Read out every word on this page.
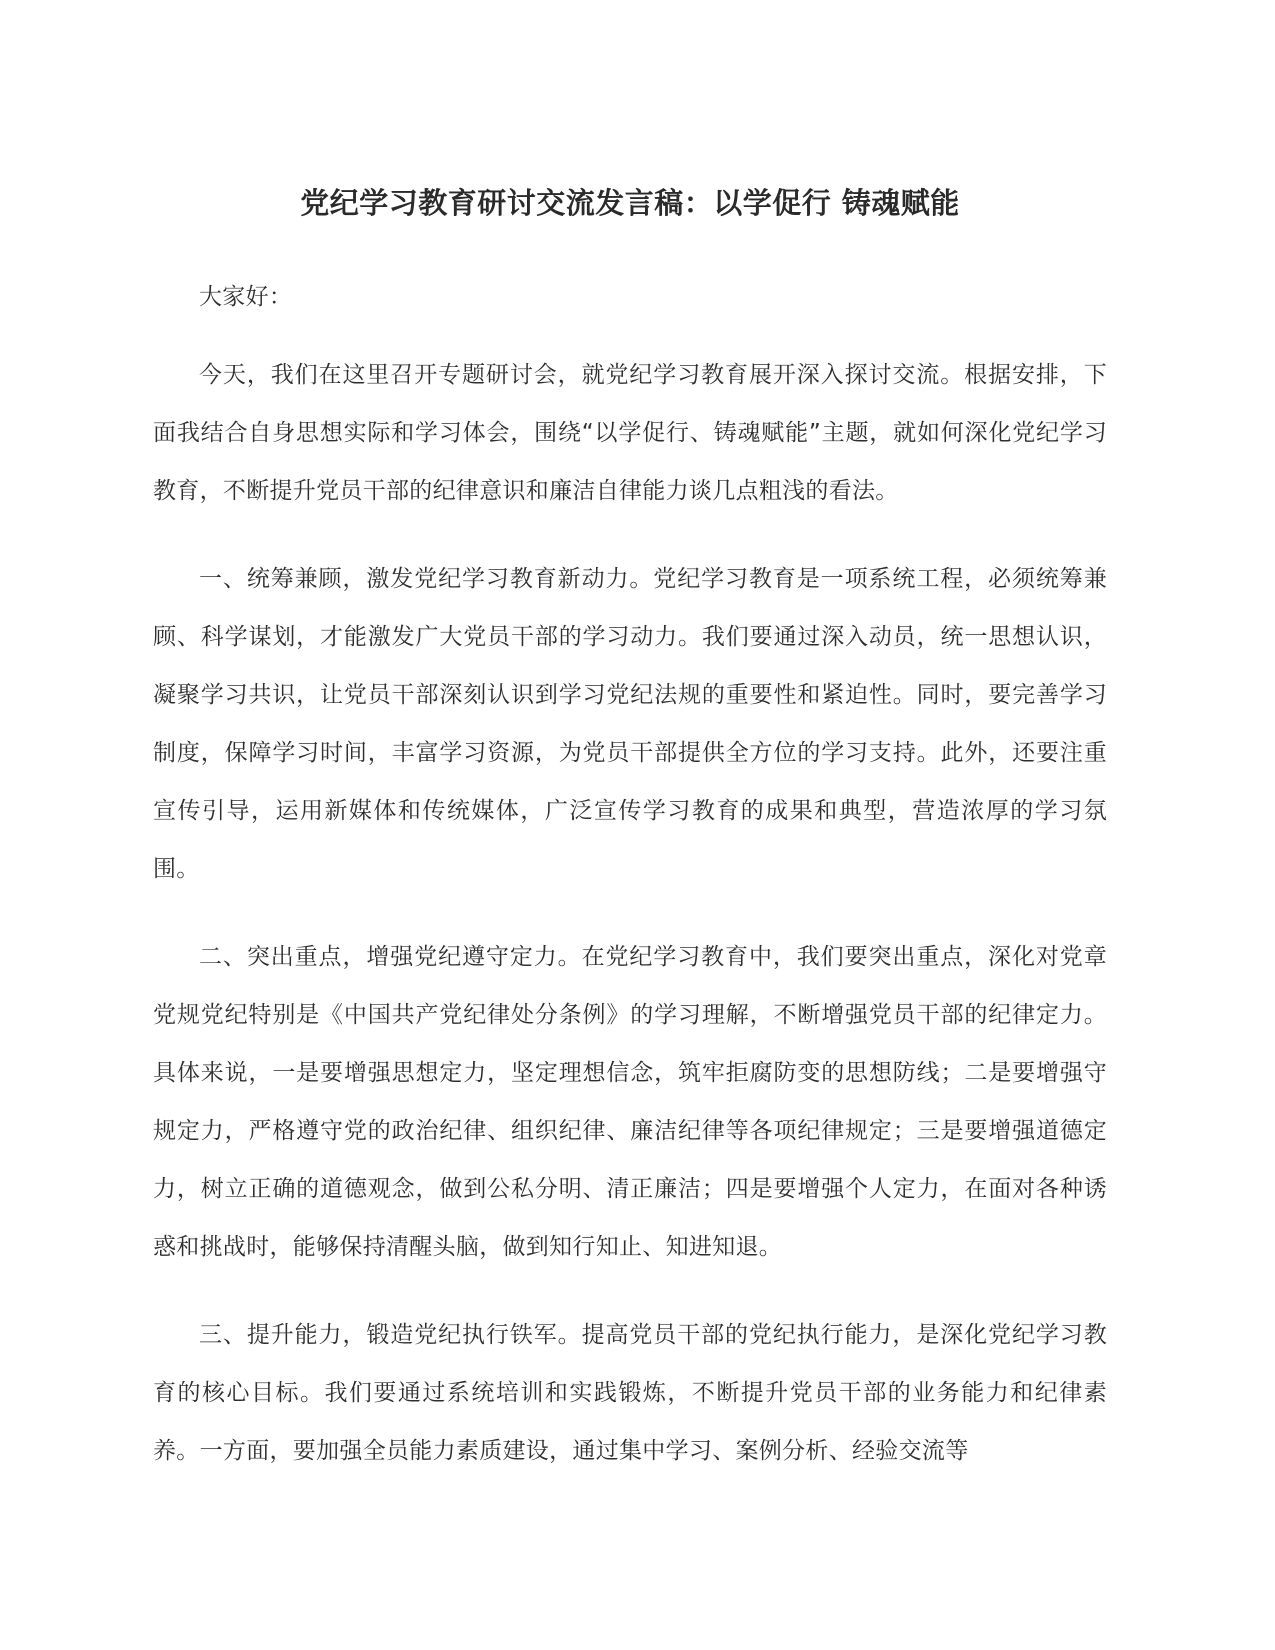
党纪学习教育研讨交流发言稿：以学促行 铸魂赋能

大家好：

今天，我们在这里召开专题研讨会，就党纪学习教育展开深入探讨交流。根据安排，下面我结合自身思想实际和学习体会，围绕“以学促行、铸魂赋能”主题，就如何深化党纪学习教育，不断提升党员干部的纪律意识和廉洁自律能力谈几点粗浅的看法。

一、统筹兼顾，激发党纪学习教育新动力。党纪学习教育是一项系统工程，必须统筹兼顾、科学谋划，才能激发广大党员干部的学习动力。我们要通过深入动员，统一思想认识，凝聚学习共识，让党员干部深刻认识到学习党纪法规的重要性和紧迫性。同时，要完善学习制度，保障学习时间，丰富学习资源，为党员干部提供全方位的学习支持。此外，还要注重宣传引导，运用新媒体和传统媒体，广泛宣传学习教育的成果和典型，营造浓厚的学习氛围。

二、突出重点，增强党纪遵守定力。在党纪学习教育中，我们要突出重点，深化对党章党规党纪特别是《中国共产党纪律处分条例》的学习理解，不断增强党员干部的纪律定力。具体来说，一是要增强思想定力，坚定理想信念，筑牢拒腐防变的思想防线；二是要增强守规定力，严格遵守党的政治纪律、组织纪律、廉洁纪律等各项纪律规定；三是要增强道德定力，树立正确的道德观念，做到公私分明、清正廉洁；四是要增强个人定力，在面对各种诱惑和挑战时，能够保持清醒头脑，做到知行知止、知进知退。

三、提升能力，锻造党纪执行铁军。提高党员干部的党纪执行能力，是深化党纪学习教育的核心目标。我们要通过系统培训和实践锻炼，不断提升党员干部的业务能力和纪律素养。一方面，要加强全员能力素质建设，通过集中学习、案例分析、经验交流等
